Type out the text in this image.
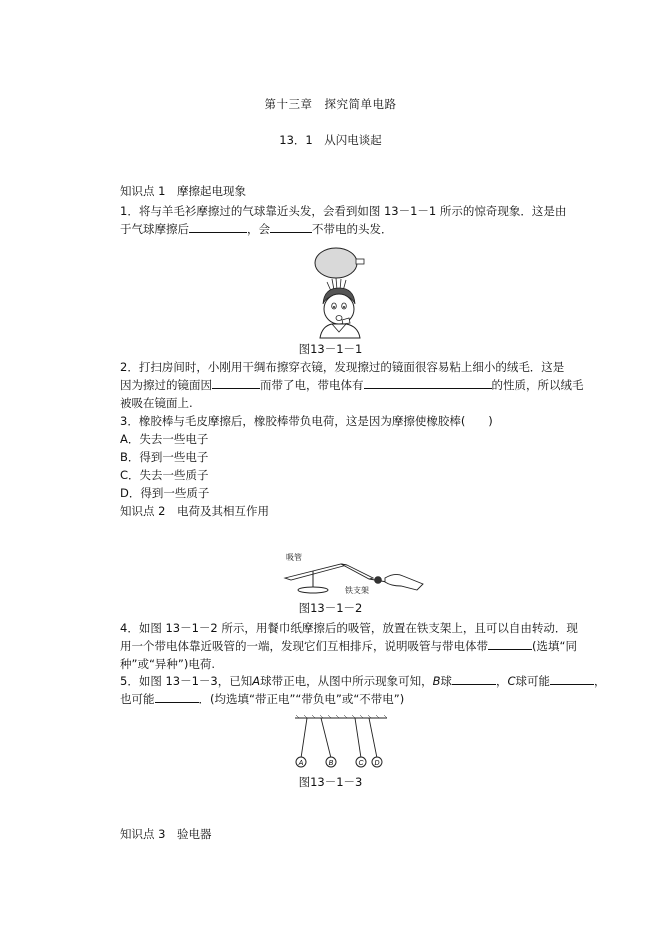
第十三章　探究简单电路
13．1　从闪电谈起
知识点 1　摩擦起电现象
1．将与羊毛衫摩擦过的气球靠近头发，会看到如图 13－1－1 所示的惊奇现象．这是由
于气球摩擦后	，会	不带电的头发．
图13－1－1
2．打扫房间时，小刚用干绸布擦穿衣镜，发现擦过的镜面很容易粘上细小的绒毛．这是
因为擦过的镜面因	而带了电，带电体有	的性质，所以绒毛
被吸在镜面上.
3．橡胶棒与毛皮摩擦后，橡胶棒带负电荷，这是因为摩擦使橡胶棒(　　)
A．失去一些电子
B．得到一些电子
C．失去一些质子
D．得到一些质子
知识点 2　电荷及其相互作用
吸管
铁支架
图13－1－2
4．如图 13－1－2 所示，用餐巾纸摩擦后的吸管，放置在铁支架上，且可以自由转动．现
用一个带电体靠近吸管的一端，发现它们互相排斥，说明吸管与带电体带	(选填“同
种”或“异种”)电荷.
5．如图 13－1－3，已知A球带正电，从图中所示现象可知，B球	，C球可能	，
也可能	．(均选填“带正电”“带负电”或“不带电”)
A	B	C D
图13－1－3
知识点 3　验电器
